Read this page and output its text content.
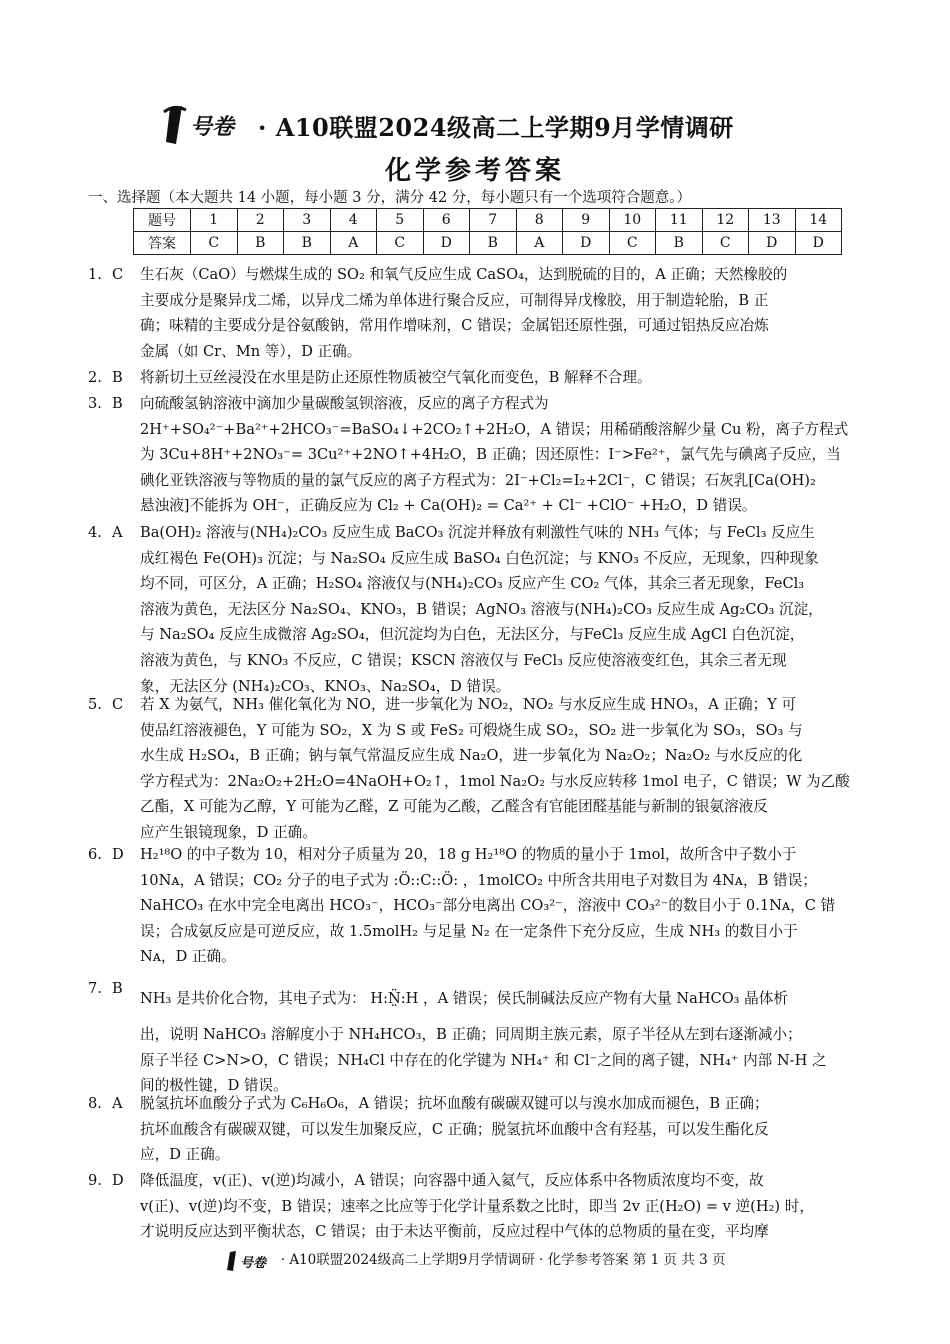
号卷 · A10联盟2024级高二上学期9月学情调研
化学参考答案
一、选择题（本大题共 14 小题，每小题 3 分，满分 42 分，每小题只有一个选项符合题意。）
题号	1	2	3	4	5	6	7	8	9	10	11	12	13	14
答案	C	B	B	A	C	D	B	A	D	C	B	C	D	D
1. C	生石灰（CaO）与燃煤生成的 SO₂ 和氧气反应生成 CaSO₄，达到脱硫的目的，A 正确；天然橡胶的
主要成分是聚异戊二烯，以异戊二烯为单体进行聚合反应，可制得异戊橡胶，用于制造轮胎，B 正
确；味精的主要成分是谷氨酸钠，常用作增味剂，C 错误；金属铝还原性强，可通过铝热反应冶炼
金属（如 Cr、Mn 等），D 正确。
2. B	将新切土豆丝浸没在水里是防止还原性物质被空气氧化而变色，B 解释不合理。
3. B	向硫酸氢钠溶液中滴加少量碳酸氢钡溶液，反应的离子方程式为
2H⁺+SO₄²⁻+Ba²⁺+2HCO₃⁻=BaSO₄↓+2CO₂↑+2H₂O，A 错误；用稀硝酸溶解少量 Cu 粉，离子方程式
为 3Cu+8H⁺+2NO₃⁻= 3Cu²⁺+2NO↑+4H₂O，B 正确；因还原性：I⁻>Fe²⁺，氯气先与碘离子反应，当
碘化亚铁溶液与等物质的量的氯气反应的离子方程式为：2I⁻+Cl₂=I₂+2Cl⁻，C 错误；石灰乳[Ca(OH)₂
悬浊液]不能拆为 OH⁻，正确反应为 Cl₂ + Ca(OH)₂ = Ca²⁺ + Cl⁻ +ClO⁻ +H₂O，D 错误。
4. A	Ba(OH)₂ 溶液与(NH₄)₂CO₃ 反应生成 BaCO₃ 沉淀并释放有刺激性气味的 NH₃ 气体；与 FeCl₃ 反应生
成红褐色 Fe(OH)₃ 沉淀；与 Na₂SO₄ 反应生成 BaSO₄ 白色沉淀；与 KNO₃ 不反应，无现象，四种现象
均不同，可区分，A 正确；H₂SO₄ 溶液仅与(NH₄)₂CO₃ 反应产生 CO₂ 气体，其余三者无现象，FeCl₃
溶液为黄色，无法区分 Na₂SO₄、KNO₃，B 错误；AgNO₃ 溶液与(NH₄)₂CO₃ 反应生成 Ag₂CO₃ 沉淀，
与 Na₂SO₄ 反应生成微溶 Ag₂SO₄，但沉淀均为白色，无法区分，与FeCl₃ 反应生成 AgCl 白色沉淀，
溶液为黄色，与 KNO₃ 不反应，C 错误；KSCN 溶液仅与 FeCl₃ 反应使溶液变红色，其余三者无现
象，无法区分 (NH₄)₂CO₃、KNO₃、Na₂SO₄，D 错误。
5. C	若 X 为氨气，NH₃ 催化氧化为 NO，进一步氧化为 NO₂，NO₂ 与水反应生成 HNO₃，A 正确；Y 可
使品红溶液褪色，Y 可能为 SO₂，X 为 S 或 FeS₂ 可煅烧生成 SO₂，SO₂ 进一步氧化为 SO₃，SO₃ 与
水生成 H₂SO₄，B 正确；钠与氧气常温反应生成 Na₂O，进一步氧化为 Na₂O₂；Na₂O₂ 与水反应的化
学方程式为：2Na₂O₂+2H₂O=4NaOH+O₂↑，1mol Na₂O₂ 与水反应转移 1mol 电子，C 错误；W 为乙酸
乙酯，X 可能为乙醇，Y 可能为乙醛，Z 可能为乙酸，乙醛含有官能团醛基能与新制的银氨溶液反
应产生银镜现象，D 正确。
6. D	H₂¹⁸O 的中子数为 10，相对分子质量为 20，18 g H₂¹⁸O 的物质的量小于 1mol，故所含中子数小于
10Nᴀ，A 错误；CO₂ 分子的电子式为 :Ö::C::Ö: ，1molCO₂ 中所含共用电子对数目为 4Nᴀ，B 错误；
NaHCO₃ 在水中完全电离出 HCO₃⁻，HCO₃⁻部分电离出 CO₃²⁻，溶液中 CO₃²⁻的数目小于 0.1Nᴀ，C 错
误；合成氨反应是可逆反应，故 1.5molH₂ 与足量 N₂ 在一定条件下充分反应，生成 NH₃ 的数目小于
Nᴀ，D 正确。
7. B
NH₃ 是共价化合物，其电子式为： H:N̤̈:H ，A 错误；侯氏制碱法反应产物有大量 NaHCO₃ 晶体析
出，说明 NaHCO₃ 溶解度小于 NH₄HCO₃，B 正确；同周期主族元素，原子半径从左到右逐渐减小；
原子半径 C>N>O，C 错误；NH₄Cl 中存在的化学键为 NH₄⁺ 和 Cl⁻之间的离子键，NH₄⁺ 内部 N-H 之
间的极性键，D 错误。
8. A	脱氢抗坏血酸分子式为 C₆H₆O₆，A 错误；抗坏血酸有碳碳双键可以与溴水加成而褪色，B 正确；
抗坏血酸含有碳碳双键，可以发生加聚反应，C 正确；脱氢抗坏血酸中含有羟基，可以发生酯化反
应，D 正确。
9. D	降低温度，v(正)、v(逆)均减小，A 错误；向容器中通入氦气，反应体系中各物质浓度均不变，故
v(正)、v(逆)均不变，B 错误；速率之比应等于化学计量系数之比时，即当 2v 正(H₂O) = v 逆(H₂) 时，
才说明反应达到平衡状态，C 错误；由于未达平衡前，反应过程中气体的总物质的量在变，平均摩
号卷 · A10联盟2024级高二上学期9月学情调研 · 化学参考答案 第 1 页 共 3 页
